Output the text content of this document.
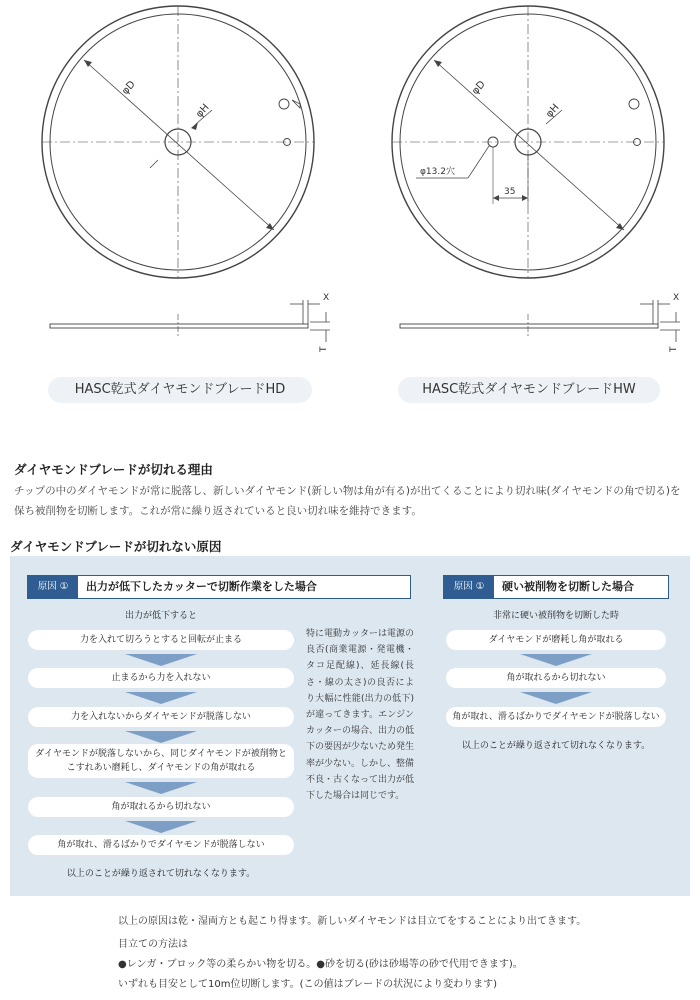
φD
φH
X
T
φD
φH
φ13.2穴
35
X
T
HASC乾式ダイヤモンドブレードHD	HASC乾式ダイヤモンドブレードHW
ダイヤモンドブレードが切れる理由
チップの中のダイヤモンドが常に脱落し、新しいダイヤモンド(新しい物は角が有る)が出てくることにより切れ味(ダイヤモンドの角で切る)を保ち被削物を切断します。これが常に繰り返されていると良い切れ味を維持できます。
ダイヤモンドブレードが切れない原因
原因 ①	出力が低下したカッターで切断作業をした場合
出力が低下すると
力を入れて切ろうとすると回転が止まる
止まるから力を入れない
力を入れないからダイヤモンドが脱落しない
ダイヤモンドが脱落しないから、同じダイヤモンドが被削物と
こすれあい磨耗し、ダイヤモンドの角が取れる
角が取れるから切れない
角が取れ、滑るばかりでダイヤモンドが脱落しない
以上のことが繰り返されて切れなくなります。
特に電動カッターは電源の良否(商業電源・発電機・タコ足配線)、延長線(長さ・線の太さ)の良否により大幅に性能(出力の低下)が違ってきます。エンジンカッターの場合、出力の低下の要因が少ないため発生率が少ない。しかし、整備不良・古くなって出力が低下した場合は同じです。
原因 ①	硬い被削物を切断した場合
非常に硬い被削物を切断した時
ダイヤモンドが磨耗し角が取れる
角が取れるから切れない
角が取れ、滑るばかりでダイヤモンドが脱落しない
以上のことが繰り返されて切れなくなります。
以上の原因は乾・湿両方とも起こり得ます。新しいダイヤモンドは目立てをすることにより出てきます。
目立ての方法は
●レンガ・ブロック等の柔らかい物を切る。●砂を切る(砂は砂場等の砂で代用できます)。
いずれも目安として10m位切断します。(この値はブレードの状況により変わります)
